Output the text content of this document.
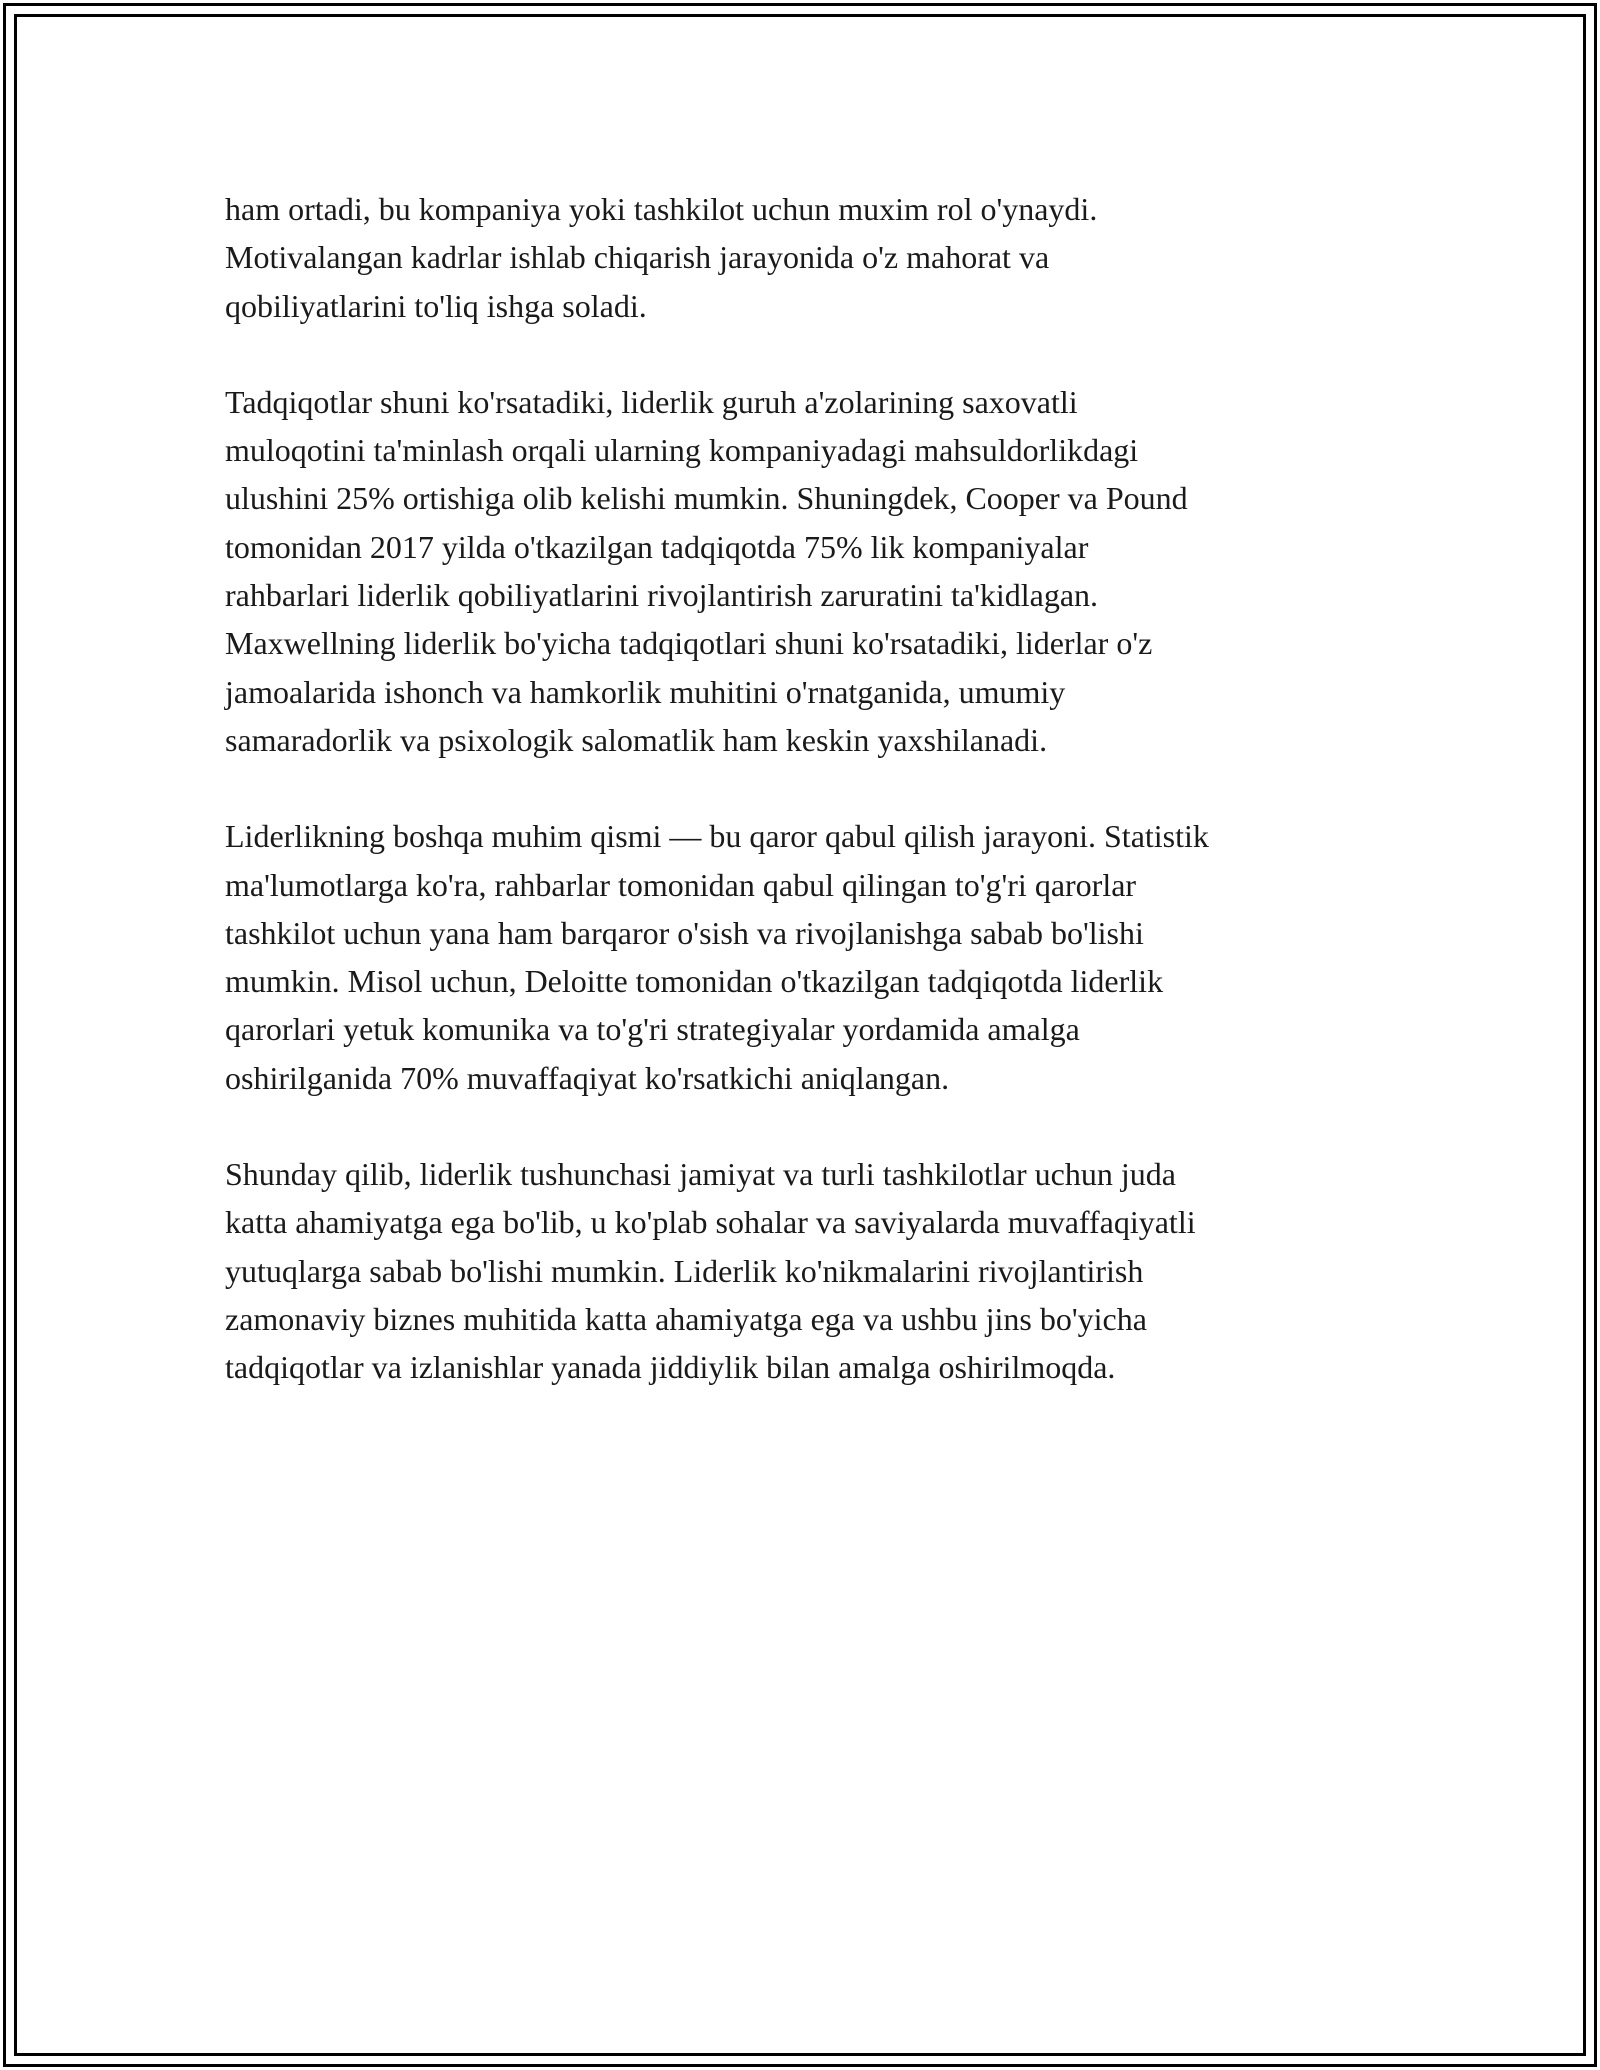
ham ortadi, bu kompaniya yoki tashkilot uchun muxim rol o'ynaydi.
Motivalangan kadrlar ishlab chiqarish jarayonida o'z mahorat va
qobiliyatlarini to'liq ishga soladi.

Tadqiqotlar shuni ko'rsatadiki, liderlik guruh a'zolarining saxovatli
muloqotini ta'minlash orqali ularning kompaniyadagi mahsuldorlikdagi
ulushini 25% ortishiga olib kelishi mumkin. Shuningdek, Cooper va Pound
tomonidan 2017 yilda o'tkazilgan tadqiqotda 75% lik kompaniyalar
rahbarlari liderlik qobiliyatlarini rivojlantirish zaruratini ta'kidlagan.
Maxwellning liderlik bo'yicha tadqiqotlari shuni ko'rsatadiki, liderlar o'z
jamoalarida ishonch va hamkorlik muhitini o'rnatganida, umumiy
samaradorlik va psixologik salomatlik ham keskin yaxshilanadi.

Liderlikning boshqa muhim qismi — bu qaror qabul qilish jarayoni. Statistik
ma'lumotlarga ko'ra, rahbarlar tomonidan qabul qilingan to'g'ri qarorlar
tashkilot uchun yana ham barqaror o'sish va rivojlanishga sabab bo'lishi
mumkin. Misol uchun, Deloitte tomonidan o'tkazilgan tadqiqotda liderlik
qarorlari yetuk komunika va to'g'ri strategiyalar yordamida amalga
oshirilganida 70% muvaffaqiyat ko'rsatkichi aniqlangan.

Shunday qilib, liderlik tushunchasi jamiyat va turli tashkilotlar uchun juda
katta ahamiyatga ega bo'lib, u ko'plab sohalar va saviyalarda muvaffaqiyatli
yutuqlarga sabab bo'lishi mumkin. Liderlik ko'nikmalarini rivojlantirish
zamonaviy biznes muhitida katta ahamiyatga ega va ushbu jins bo'yicha
tadqiqotlar va izlanishlar yanada jiddiylik bilan amalga oshirilmoqda.
